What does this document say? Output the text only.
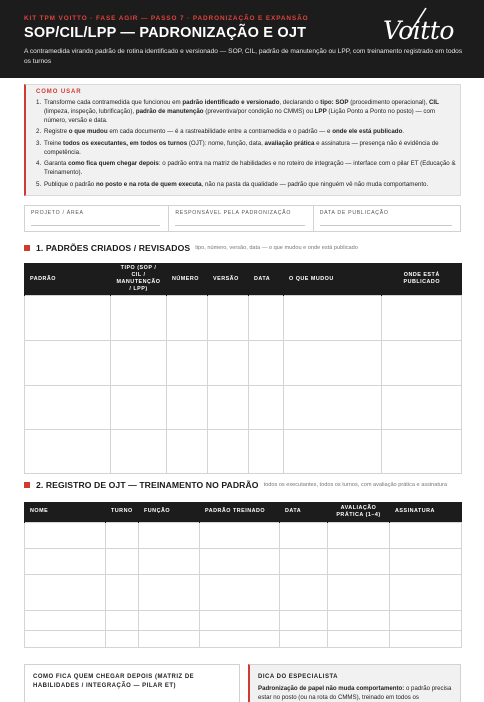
KIT TPM VOITTO · FASE AGIR — PASSO 7 · PADRONIZAÇÃO E EXPANSÃO
SOP/CIL/LPP — PADRONIZAÇÃO E OJT
A contramedida virando padrão de rotina identificado e versionado — SOP, CIL, padrão de manutenção ou LPP, com treinamento registrado em todos os turnos
Voitto
COMO USAR
1. Transforme cada contramedida que funcionou em padrão identificado e versionado, declarando o tipo: SOP (procedimento operacional), CIL (limpeza, inspeção, lubrificação), padrão de manutenção (preventiva/por condição no CMMS) ou LPP (Lição Ponto a Ponto no posto) — com número, versão e data.
2. Registre o que mudou em cada documento — é a rastreabilidade entre a contramedida e o padrão — e onde ele está publicado.
3. Treine todos os executantes, em todos os turnos (OJT): nome, função, data, avaliação prática e assinatura — presença não é evidência de competência.
4. Garanta como fica quem chegar depois: o padrão entra na matriz de habilidades e no roteiro de integração — interface com o pilar ET (Educação & Treinamento).
5. Publique o padrão no posto e na rota de quem executa, não na pasta da qualidade — padrão que ninguém vê não muda comportamento.
PROJETO / ÁREA	RESPONSÁVEL PELA PADRONIZAÇÃO	DATA DE PUBLICAÇÃO
1. PADRÕES CRIADOS / REVISADOS tipo, número, versão, data — o que mudou e onde está publicado
PADRÃO	TIPO (SOP / CIL / MANUTENÇÃO / LPP)	NÚMERO	VERSÃO	DATA	O QUE MUDOU	ONDE ESTÁ PUBLICADO

2. REGISTRO DE OJT — TREINAMENTO NO PADRÃO todos os executantes, todos os turnos, com avaliação prática e assinatura
NOME	TURNO	FUNÇÃO	PADRÃO TREINADO	DATA	AVALIAÇÃO PRÁTICA (1–4)	ASSINATURA

COMO FICA QUEM CHEGAR DEPOIS (MATRIZ DE HABILIDADES / INTEGRAÇÃO — PILAR ET)
DICA DO ESPECIALISTA
Padronização de papel não muda comportamento: o padrão precisa estar no posto (ou na rota do CMMS), treinado em todos os
